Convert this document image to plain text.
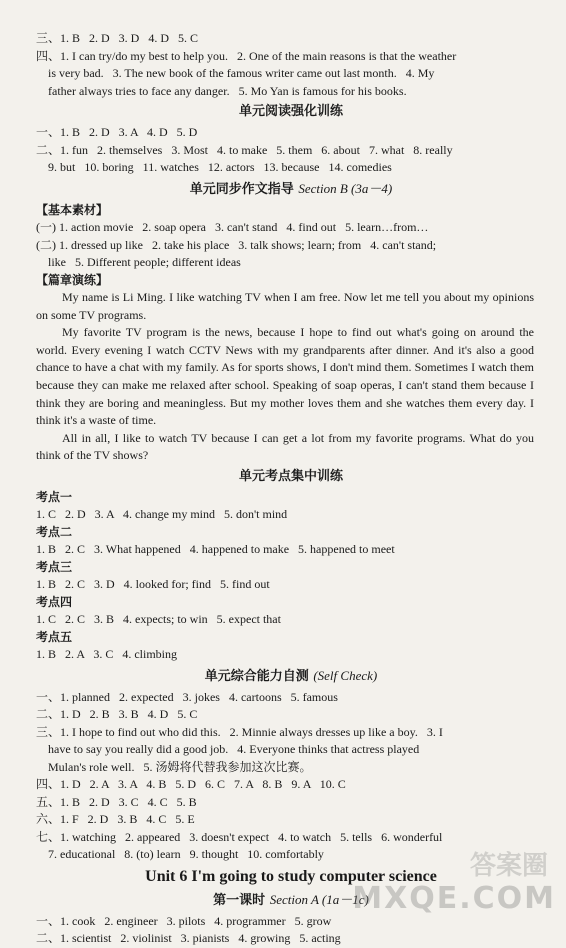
三、1. B   2. D   3. D   4. D   5. C
四、1. I can try/do my best to help you.   2. One of the main reasons is that the weather
is very bad.   3. The new book of the famous writer came out last month.   4. My
father always tries to face any danger.   5. Mo Yan is famous for his books.
单元阅读强化训练
一、1. B   2. D   3. A   4. D   5. D
二、1. fun   2. themselves   3. Most   4. to make   5. them   6. about   7. what   8. really
9. but   10. boring   11. watches   12. actors   13. because   14. comedies
单元同步作文指导 Section B (3a－4)
【基本素材】
(一) 1. action movie   2. soap opera   3. can't stand   4. find out   5. learn…from…
(二) 1. dressed up like   2. take his place   3. talk shows; learn; from   4. can't stand;
like   5. Different people; different ideas
【篇章演练】

My name is Li Ming. I like watching TV when I am free. Now let me tell you about my opinions on some TV programs.

My favorite TV program is the news, because I hope to find out what's going on around the world. Every evening I watch CCTV News with my grandparents after dinner. And it's also a good chance to have a chat with my family. As for sports shows, I don't mind them. Sometimes I watch them because they can make me relaxed after school. Speaking of soap operas, I can't stand them because I think they are boring and meaningless. But my mother loves them and she watches them every day. I think it's a waste of time.

All in all, I like to watch TV because I can get a lot from my favorite programs. What do you think of the TV shows?

单元考点集中训练
考点一
1. C   2. D   3. A   4. change my mind   5. don't mind
考点二
1. B   2. C   3. What happened   4. happened to make   5. happened to meet
考点三
1. B   2. C   3. D   4. looked for; find   5. find out
考点四
1. C   2. C   3. B   4. expects; to win   5. expect that
考点五
1. B   2. A   3. C   4. climbing
单元综合能力自测 (Self Check)
一、1. planned   2. expected   3. jokes   4. cartoons   5. famous
二、1. D   2. B   3. B   4. D   5. C
三、1. I hope to find out who did this.   2. Minnie always dresses up like a boy.   3. I
have to say you really did a good job.   4. Everyone thinks that actress played
Mulan's role well.   5. 汤姆将代替我参加这次比赛。
四、1. D   2. A   3. A   4. B   5. D   6. C   7. A   8. B   9. A   10. C
五、1. B   2. D   3. C   4. C   5. B
六、1. F   2. D   3. B   4. C   5. E
七、1. watching   2. appeared   3. doesn't expect   4. to watch   5. tells   6. wonderful
7. educational   8. (to) learn   9. thought   10. comfortably
Unit 6 I'm going to study computer science
第一课时 Section A (1a－1c)
一、1. cook   2. engineer   3. pilots   4. programmer   5. grow
二、1. scientist   2. violinist   3. pianists   4. growing   5. acting
答案圈
MXQE.COM
